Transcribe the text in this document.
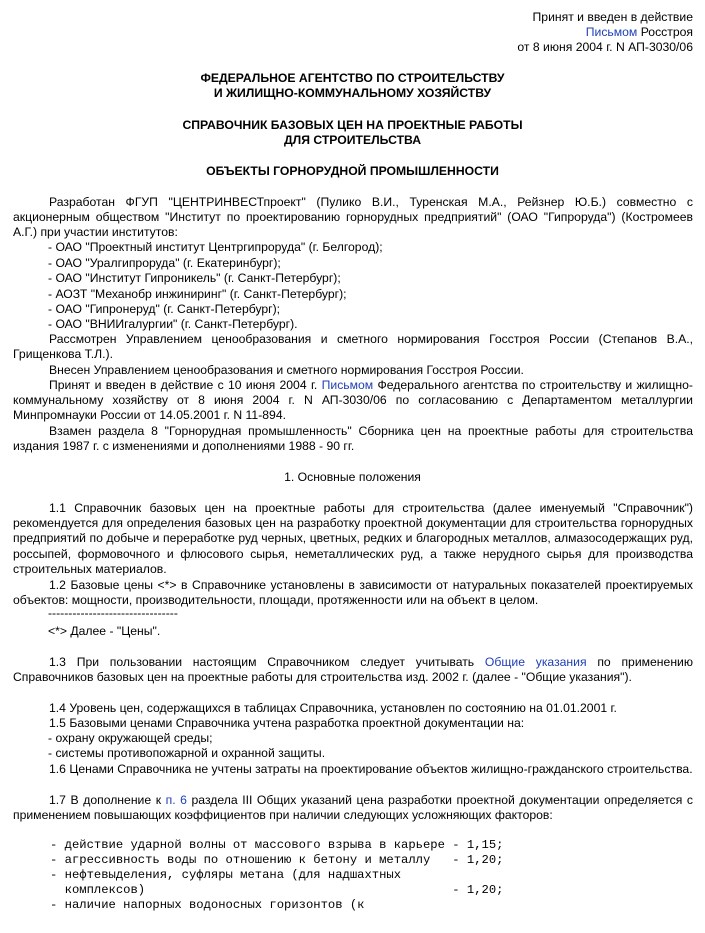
Принят и введен в действие
Письмом Росстроя
от 8 июня 2004 г. N АП-3030/06
ФЕДЕРАЛЬНОЕ АГЕНТСТВО ПО СТРОИТЕЛЬСТВУ
И ЖИЛИЩНО-КОММУНАЛЬНОМУ ХОЗЯЙСТВУ
СПРАВОЧНИК БАЗОВЫХ ЦЕН НА ПРОЕКТНЫЕ РАБОТЫ
ДЛЯ СТРОИТЕЛЬСТВА
ОБЪЕКТЫ ГОРНОРУДНОЙ ПРОМЫШЛЕННОСТИ
Разработан ФГУП "ЦЕНТРИНВЕСТпроект" (Пулико В.И., Туренская М.А., Рейзнер Ю.Б.) совместно с акционерным обществом "Институт по проектированию горнорудных предприятий" (ОАО "Гипроруда") (Костромеев А.Г.) при участии институтов:
- ОАО "Проектный институт Центргипроруда" (г. Белгород);
- ОАО "Уралгипроруда" (г. Екатеринбург);
- ОАО "Институт Гипроникель" (г. Санкт-Петербург);
- АОЗТ "Механобр инжиниринг" (г. Санкт-Петербург);
- ОАО "Гипронеруд" (г. Санкт-Петербург);
- ОАО "ВНИИгалургии" (г. Санкт-Петербург).
Рассмотрен Управлением ценообразования и сметного нормирования Госстроя России (Степанов В.А., Грищенкова Т.Л.).
Внесен Управлением ценообразования и сметного нормирования Госстроя России.
Принят и введен в действие с 10 июня 2004 г. Письмом Федерального агентства по строительству и жилищно-коммунальному хозяйству от 8 июня 2004 г. N АП-3030/06 по согласованию с Департаментом металлургии Минпромнауки России от 14.05.2001 г. N 11-894.
Взамен раздела 8 "Горнорудная промышленность" Сборника цен на проектные работы для строительства издания 1987 г. с изменениями и дополнениями 1988 - 90 гг.
1. Основные положения
1.1 Справочник базовых цен на проектные работы для строительства (далее именуемый "Справочник") рекомендуется для определения базовых цен на разработку проектной документации для строительства горнорудных предприятий по добыче и переработке руд черных, цветных, редких и благородных металлов, алмазосодержащих руд, россыпей, формовочного и флюсового сырья, неметаллических руд, а также нерудного сырья для производства строительных материалов.
1.2 Базовые цены <*> в Справочнике установлены в зависимости от натуральных показателей проектируемых объектов: мощности, производительности, площади, протяженности или на объект в целом.
--------------------------------
<*> Далее - "Цены".
1.3 При пользовании настоящим Справочником следует учитывать Общие указания по применению Справочников базовых цен на проектные работы для строительства изд. 2002 г. (далее - "Общие указания").
1.4 Уровень цен, содержащихся в таблицах Справочника, установлен по состоянию на 01.01.2001 г.
1.5 Базовыми ценами Справочника учтена разработка проектной документации на:
- охрану окружающей среды;
- системы противопожарной и охранной защиты.
1.6 Ценами Справочника не учтены затраты на проектирование объектов жилищно-гражданского строительства.
1.7 В дополнение к п. 6 раздела III Общих указаний цена разработки проектной документации определяется с применением повышающих коэффициентов при наличии следующих усложняющих факторов:
- действие ударной волны от массового взрыва в карьере - 1,15;
- агрессивность воды по отношению к бетону и металлу   - 1,20;
- нефтевыделения, суфляры метана (для надшахтных
комплексов)                                          - 1,20;
- наличие напорных водоносных горизонтов (к
